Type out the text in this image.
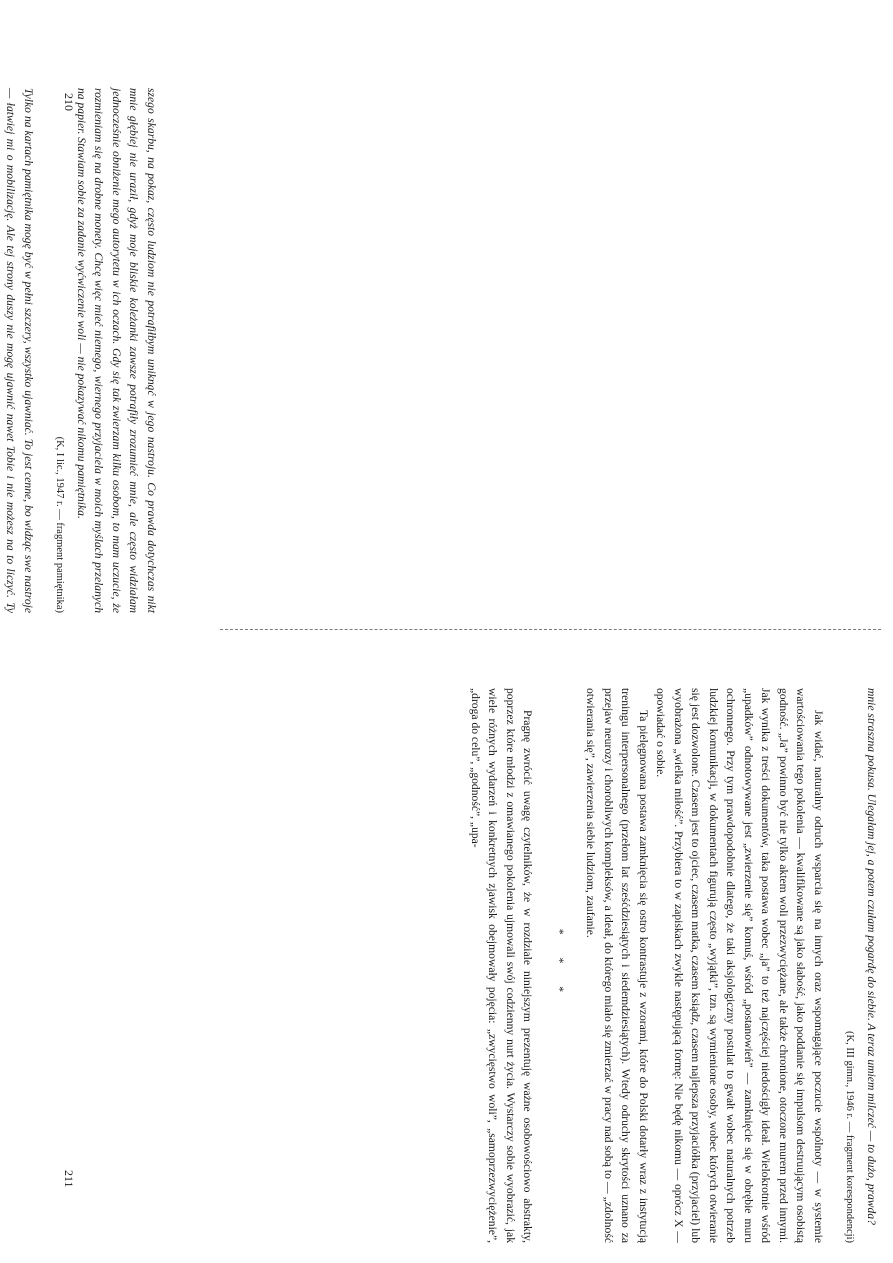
210
211

szego skarbu, na pokaz, często ludziom nie potrafiłbym uniknąć w jego nastroju. Co prawda dotychczas nikt mnie głębiej nie uraził, gdyż moje bliskie koleżanki zawsze potrafiły zrozumieć mnie, ale często widziałam jednocześnie obniżenie mego autorytetu w ich oczach. Gdy się tak zwierzam kilku osobom, to mam uczucie, że rozmieniam się na drobne monety. Chcę więc mieć niemego, wiernego przyjaciela w moich myślach przelanych na papier. Stawiam sobie za zadanie wyćwiczenie woli — nie pokazywać nikomu pamiętnika.

(K, I lic., 1947 r. — fragment pamiętnika)

Tylko na kartach pamiętnika mogę być w pełni szczery, wszystko ujawniać. To jest cenne, bo widząc swe nastroje — łatwiej mi o mobilizację. Ale tej strony duszy nie mogę ujawnić nawet Tobie i nie możesz na to liczyć. Ty

mnie straszna pokusa. Ulegałam jej, a potem czułam pogardę do siebie. A teraz umiem milczeć — to dużo, prawda?

(K, III gimn., 1946 r. — fragment korespondencji)

Jak widać, naturalny odruch wsparcia się na innych oraz wspomagające poczucie wspólnoty — w systemie wartościowania tego pokolenia — kwalifikowane są jako słabość, jako poddanie się impulsom destruującym osobistą godność. „Ja” powinno być nie tylko aktem woli przezwyciężane, ale także chronione, otoczone murem przed innymi. Jak wynika z treści dokumentów, taka postawa wobec „ja” to też najczęściej niedościgły ideał. Wielokrotnie wśród „upadków” odnotowywane jest „zwierzenie się” komuś, wśród „postanowień” — zamknięcie się w obrębie muru ochronnego. Przy tym prawdopodobnie dlatego, że taki aksjologiczny postulat to gwałt wobec naturalnych potrzeb ludzkiej komunikacji, w dokumentach figurują często „wyjątki”, tzn. są wymienione osoby, wobec których otwieranie się jest dozwolone. Czasem jest to ojciec, czasem matka, czasem ksiądz, czasem najlepsza przyjaciółka (przyjaciel) lub wyobrażona „wielka miłość”. Przybiera to w zapiskach zwykle następującą formę: Nie będę nikomu — oprócz X — opowiadać o sobie.

Ta pielęgnowana postawa zamknięcia się ostro kontrastuje z wzorami, które do Polski dotarły wraz z instytucją treningu interpersonalnego (przełom lat sześćdziesiątych i siedemdziesiątych). Wtedy odruchy skrytości uznano za przejaw neurozy i chorobliwych kompleksów, a ideał, do którego miało się zmierzać w pracy nad sobą to — „zdolność otwierania się”, zawierzenia siebie ludziom, zaufanie.

* * *

Pragnę zwrócić uwagę czytelników, że w rozdziale niniejszym prezentuję ważne osobowościowo abstrakty, poprzez które młodzi z omawianego pokolenia ujmowali swój codzienny nurt życia. Wystarczy sobie wyobrazić, jak wiele różnych wydarzeń i konkretnych zjawisk obejmowały pojęcia: „zwycięstwo woli”, „samoprzezwyciężenie”, „droga do celu”, „godność”, „upa-
